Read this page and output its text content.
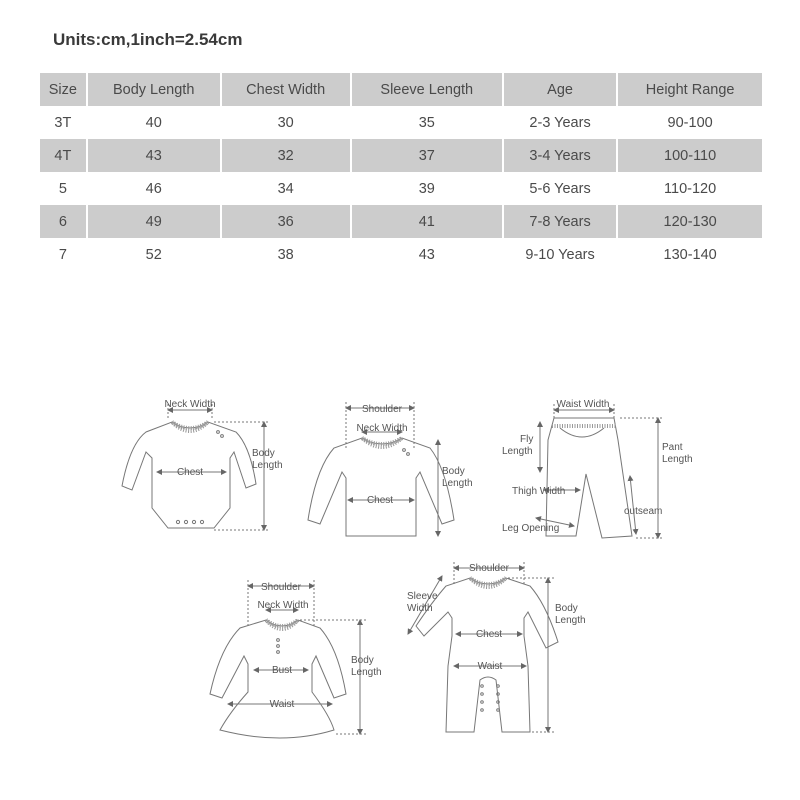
Units:cm,1inch=2.54cm
Size	Body Length	Chest Width	Sleeve Length	Age	Height Range
3T	40	30	35	2-3 Years	90-100
4T	43	32	37	3-4 Years	100-110
5	46	34	39	5-6 Years	110-120
6	49	36	41	7-8 Years	120-130
7	52	38	43	9-10 Years	130-140
Neck Width
Chest
Body
Length
Shoulder
Neck Width
Chest
Body
Length
Waist Width
Fly
Length	Pant
Length
Thigh Width
outseam
Leg Opening
Shoulder
Neck Width
Bust
Waist
Body
Length
Shoulder
Sleeve
Width
Chest
Waist
Body
Length
